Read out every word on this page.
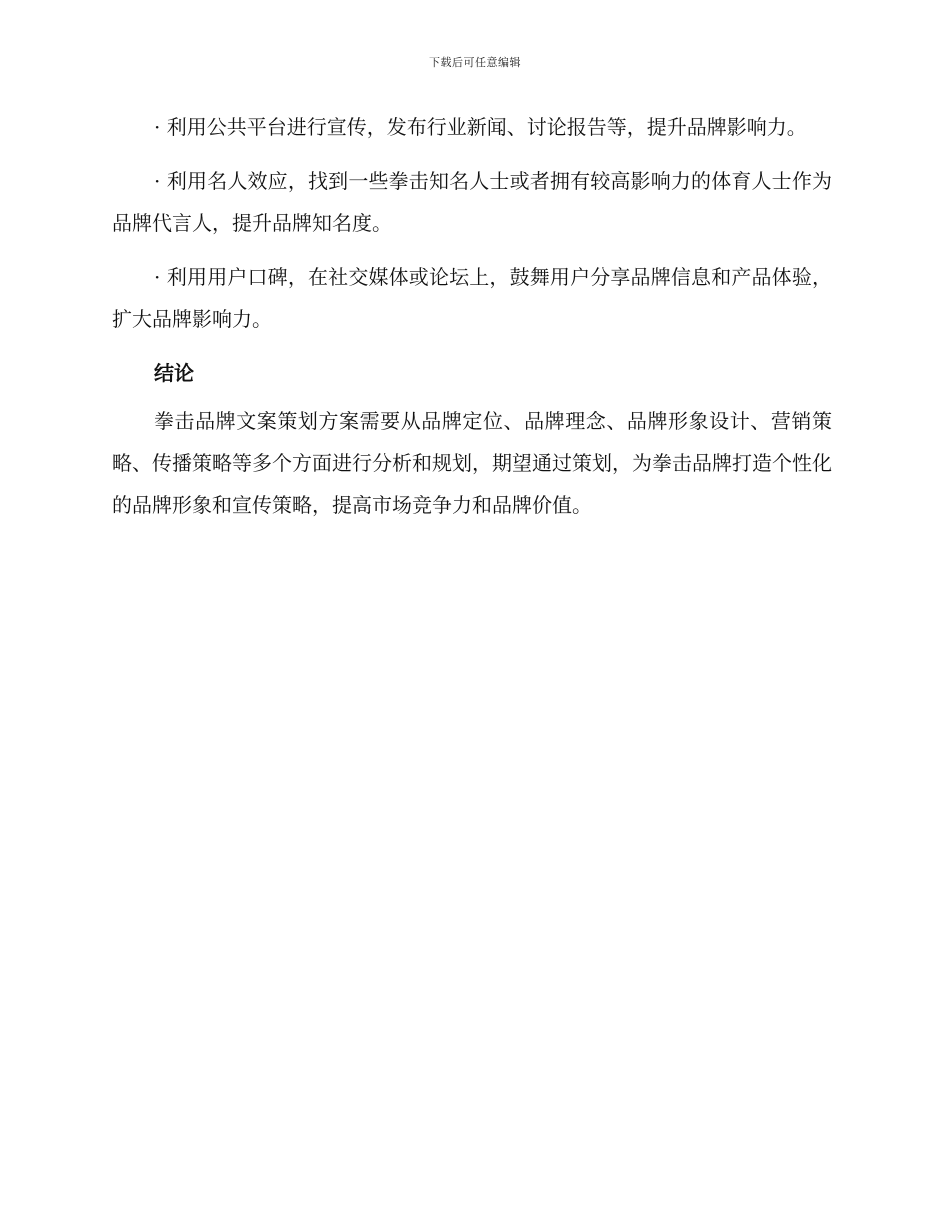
下载后可任意编辑

· 利用公共平台进行宣传，发布行业新闻、讨论报告等，提升品牌影响力。

· 利用名人效应，找到一些拳击知名人士或者拥有较高影响力的体育人士作为品牌代言人，提升品牌知名度。

· 利用用户口碑，在社交媒体或论坛上，鼓舞用户分享品牌信息和产品体验，扩大品牌影响力。

结论

拳击品牌文案策划方案需要从品牌定位、品牌理念、品牌形象设计、营销策略、传播策略等多个方面进行分析和规划，期望通过策划，为拳击品牌打造个性化的品牌形象和宣传策略，提高市场竞争力和品牌价值。
